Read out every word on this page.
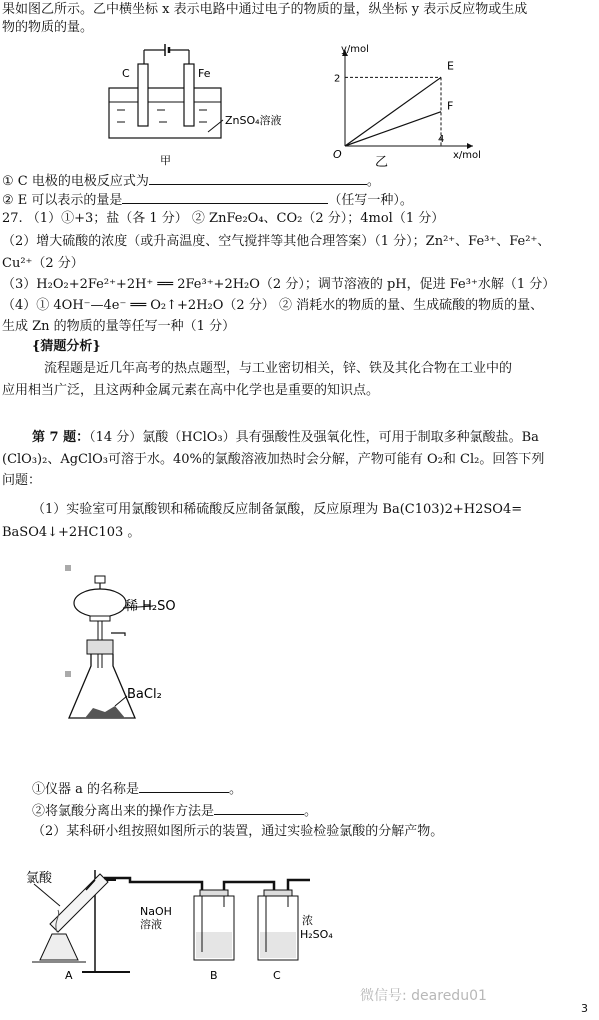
果如图乙所示。乙中横坐标 x 表示电路中通过电子的物质的量，纵坐标 y 表示反应物或生成
物的物质的量。
C	Fe
ZnSO₄溶液
甲
y/mol
x/mol
O
2
4
E
F
乙
① C 电极的电极反应式为	。
② E 可以表示的量是	（任写一种）。
27. （1）①+3；盐（各 1 分） ② ZnFe₂O₄、CO₂（2 分）；4mol（1 分）
（2）增大硫酸的浓度（或升高温度、空气搅拌等其他合理答案）（1 分）；Zn²⁺、Fe³⁺、Fe²⁺、
Cu²⁺（2 分）
（3）H₂O₂+2Fe²⁺+2H⁺ ══ 2Fe³⁺+2H₂O（2 分）；调节溶液的 pH，促进 Fe³⁺水解（1 分）
（4）① 4OH⁻—4e⁻ ══ O₂↑+2H₂O（2 分） ② 消耗水的物质的量、生成硫酸的物质的量、
生成 Zn 的物质的量等任写一种（1 分）
{猜题分析}
流程题是近几年高考的热点题型，与工业密切相关，锌、铁及其化合物在工业中的
应用相当广泛，且这两种金属元素在高中化学也是重要的知识点。
第 7 题：（14 分）氯酸（HClO₃）具有强酸性及强氧化性，可用于制取多种氯酸盐。Ba
(ClO₃)₂、AgClO₃可溶于水。40%的氯酸溶液加热时会分解，产物可能有 O₂和 Cl₂。回答下列
问题：
（1）实验室可用氯酸钡和稀硫酸反应制备氯酸，反应原理为 Ba(C103)2+H2SO4=
BaSO4↓+2HC103 。
稀 H₂SO
BaCl₂
①仪器 a 的名称是	。
②将氯酸分离出来的操作方法是	。
（2）某科研小组按照如图所示的装置，通过实验检验氯酸的分解产物。
氯酸
NaOH
溶液	浓
H₂SO₄
A	B	C
微信号: dearedu01
3
